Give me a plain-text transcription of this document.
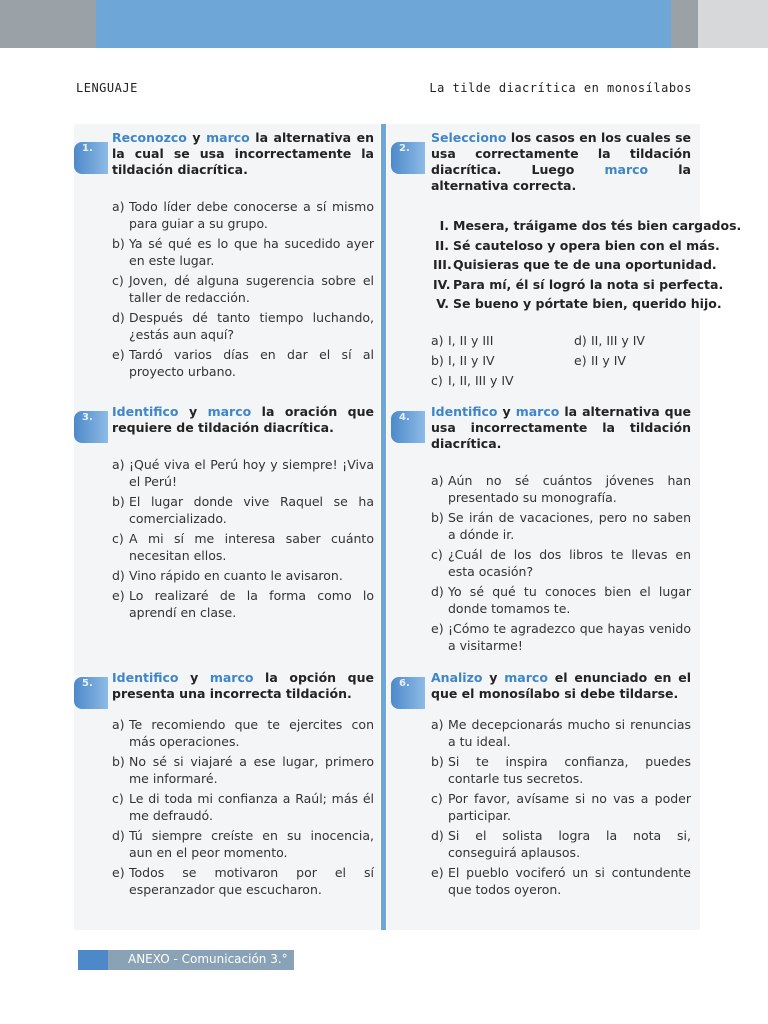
LENGUAJE	La tilde diacrítica en monosílabos
1.

Reconozco y marco la alternativa en la cual se usa incorrectamente la tildación diacrítica.

a) Todo líder debe conocerse a sí mismo para guiar a su grupo.
b) Ya sé qué es lo que ha sucedido ayer en este lugar.
c) Joven, dé alguna sugerencia sobre el taller de redacción.
d) Después dé tanto tiempo luchando, ¿estás aun aquí?
e) Tardó varios días en dar el sí al proyecto urbano.
2.

Selecciono los casos en los cuales se usa correctamente la tildación diacrítica. Luego marco la alternativa correcta.

I. Mesera, tráigame dos tés bien cargados.
II. Sé cauteloso y opera bien con el más.
III.Quisieras que te de una oportunidad.
IV. Para mí, él sí logró la nota si perfecta.
V. Se bueno y pórtate bien, querido hijo.
a) I, II y III	d) II, III y IV
b) I, II y IV	e) II y IV
c) I, II, III y IV
3. Identifico y marco la oración que requiere de tildación diacrítica.

a) ¡Qué viva el Perú hoy y siempre! ¡Viva el Perú!
b) El lugar donde vive Raquel se ha comercializado.
c) A mi sí me interesa saber cuánto necesitan ellos.
d) Vino rápido en cuanto le avisaron.
e) Lo realizaré de la forma como lo aprendí en clase.
4. Identifico y marco la alternativa que usa incorrectamente la tildación diacrítica.

a) Aún no sé cuántos jóvenes han presentado su monografía.
b) Se irán de vacaciones, pero no saben a dónde ir.
c) ¿Cuál de los dos libros te llevas en esta ocasión?
d) Yo sé qué tu conoces bien el lugar donde tomamos te.
e) ¡Cómo te agradezco que hayas venido a visitarme!
5. Identifico y marco la opción que presenta una incorrecta tildación.

a) Te recomiendo que te ejercites con más operaciones.
b) No sé si viajaré a ese lugar, primero me informaré.
c) Le di toda mi confianza a Raúl; más él me defraudó.
d) Tú siempre creíste en su inocencia, aun en el peor momento.
e) Todos se motivaron por el sí esperanzador que escucharon.
6. Analizo y marco el enunciado en el que el monosílabo si debe tildarse.

a) Me decepcionarás mucho si renuncias a tu ideal.
b) Si te inspira confianza, puedes contarle tus secretos.
c) Por favor, avísame si no vas a poder participar.
d) Si el solista logra la nota si, conseguirá aplausos.
e) El pueblo vociferó un si contundente que todos oyeron.
ANEXO - Comunicación 3.°
